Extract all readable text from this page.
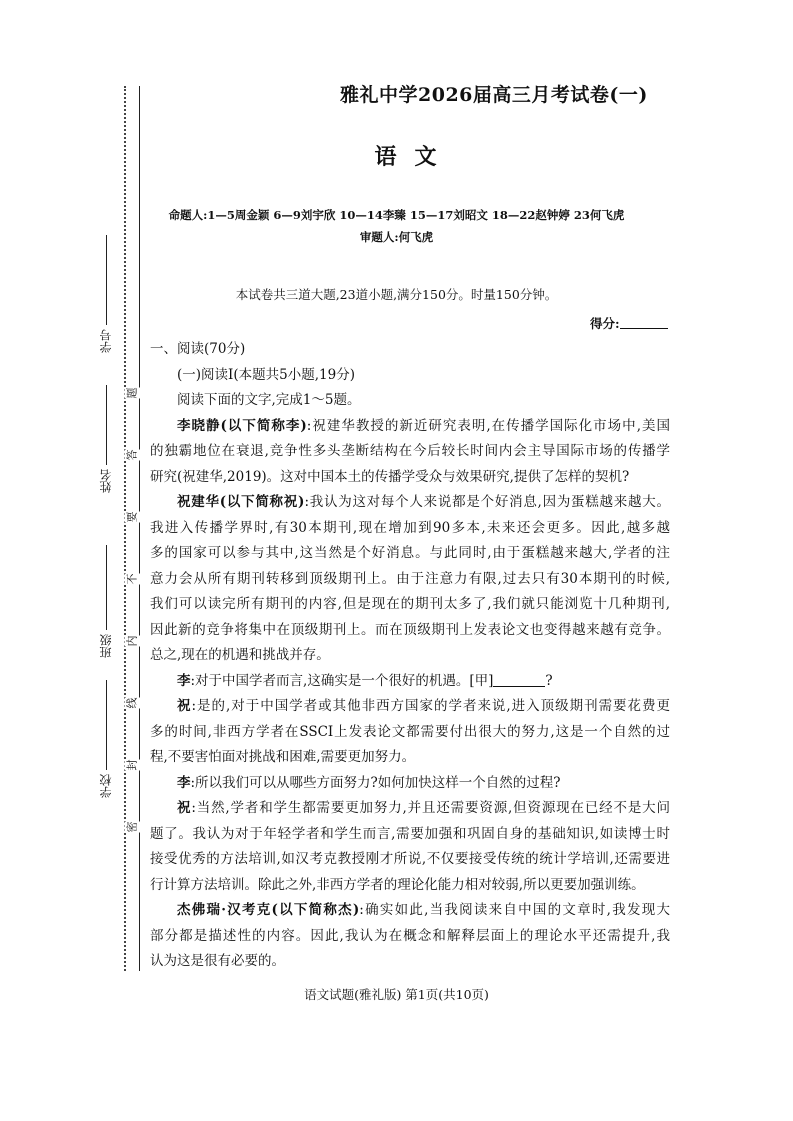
学号
姓名
班级
学校
题
答
要
不
内
线
封
密
雅礼中学2026届高三月考试卷(一)
语文
命题人:1—5周金颖 6—9刘宇欣 10—14李臻 15—17刘昭文 18—22赵钟婷 23何飞虎
审题人:何飞虎
本试卷共三道大题,23道小题,满分150分。时量150分钟。
得分:
一、阅读(70分)
(一)阅读Ⅰ(本题共5小题,19分)
阅读下面的文字,完成1～5题。
李晓静(以下简称李):祝建华教授的新近研究表明,在传播学国际化市场中,美国
的独霸地位在衰退,竞争性多头垄断结构在今后较长时间内会主导国际市场的传播学
研究(祝建华,2019)。这对中国本土的传播学受众与效果研究,提供了怎样的契机?
祝建华(以下简称祝):我认为这对每个人来说都是个好消息,因为蛋糕越来越大。
我进入传播学界时,有30本期刊,现在增加到90多本,未来还会更多。因此,越多越
多的国家可以参与其中,这当然是个好消息。与此同时,由于蛋糕越来越大,学者的注
意力会从所有期刊转移到顶级期刊上。由于注意力有限,过去只有30本期刊的时候,
我们可以读完所有期刊的内容,但是现在的期刊太多了,我们就只能浏览十几种期刊,
因此新的竞争将集中在顶级期刊上。而在顶级期刊上发表论文也变得越来越有竞争。
总之,现在的机遇和挑战并存。
李:对于中国学者而言,这确实是一个很好的机遇。[甲]	?
祝:是的,对于中国学者或其他非西方国家的学者来说,进入顶级期刊需要花费更
多的时间,非西方学者在SSCI上发表论文都需要付出很大的努力,这是一个自然的过
程,不要害怕面对挑战和困难,需要更加努力。
李:所以我们可以从哪些方面努力?如何加快这样一个自然的过程?
祝:当然,学者和学生都需要更加努力,并且还需要资源,但资源现在已经不是大问
题了。我认为对于年轻学者和学生而言,需要加强和巩固自身的基础知识,如读博士时
接受优秀的方法培训,如汉考克教授刚才所说,不仅要接受传统的统计学培训,还需要进
行计算方法培训。除此之外,非西方学者的理论化能力相对较弱,所以更要加强训练。
杰佛瑞·汉考克(以下简称杰):确实如此,当我阅读来自中国的文章时,我发现大
部分都是描述性的内容。因此,我认为在概念和解释层面上的理论水平还需提升,我
认为这是很有必要的。
语文试题(雅礼版) 第1页(共10页)
